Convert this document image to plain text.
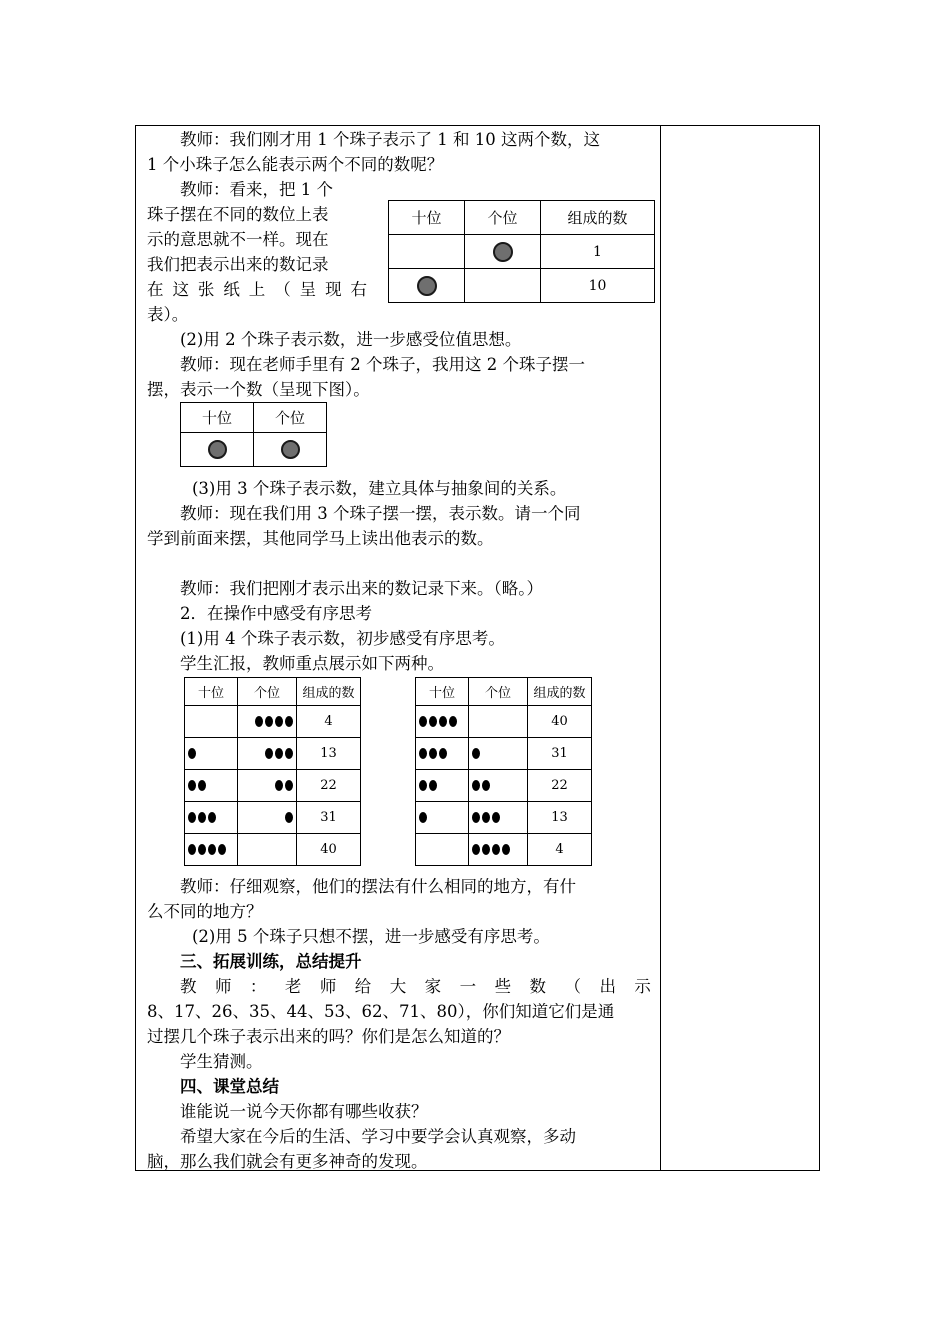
教师：我们刚才用 1 个珠子表示了 1 和 10 这两个数，这
1 个小珠子怎么能表示两个不同的数呢？
教师：看来，把 1 个
珠子摆在不同的数位上表
示的意思就不一样。现在
我们把表示出来的数记录
在 这 张 纸 上 （ 呈 现 右
表）。
十位	个位	组成的数
		1
		10
(2)用 2 个珠子表示数，进一步感受位值思想。
教师：现在老师手里有 2 个珠子，我用这 2 个珠子摆一
摆，表示一个数（呈现下图）。
十位	个位

(3)用 3 个珠子表示数，建立具体与抽象间的关系。
教师：现在我们用 3 个珠子摆一摆，表示数。请一个同
学到前面来摆，其他同学马上读出他表示的数。
教师：我们把刚才表示出来的数记录下来。（略。）
2．在操作中感受有序思考
(1)用 4 个珠子表示数，初步感受有序思考。
学生汇报，教师重点展示如下两种。
十位	个位	组成的数
		4
		13
		22
		31
		40
十位	个位	组成的数
		40
		31
		22
		13
		4
教师：仔细观察，他们的摆法有什么相同的地方，有什
么不同的地方？
(2)用 5 个珠子只想不摆，进一步感受有序思考。
三、拓展训练，总结提升
教 师 ： 老 师 给 大 家 一 些 数 （ 出 示
8、17、26、35、44、53、62、71、80），你们知道它们是通
过摆几个珠子表示出来的吗？你们是怎么知道的？
学生猜测。
四、课堂总结
谁能说一说今天你都有哪些收获？
希望大家在今后的生活、学习中要学会认真观察，多动
脑，那么我们就会有更多神奇的发现。
